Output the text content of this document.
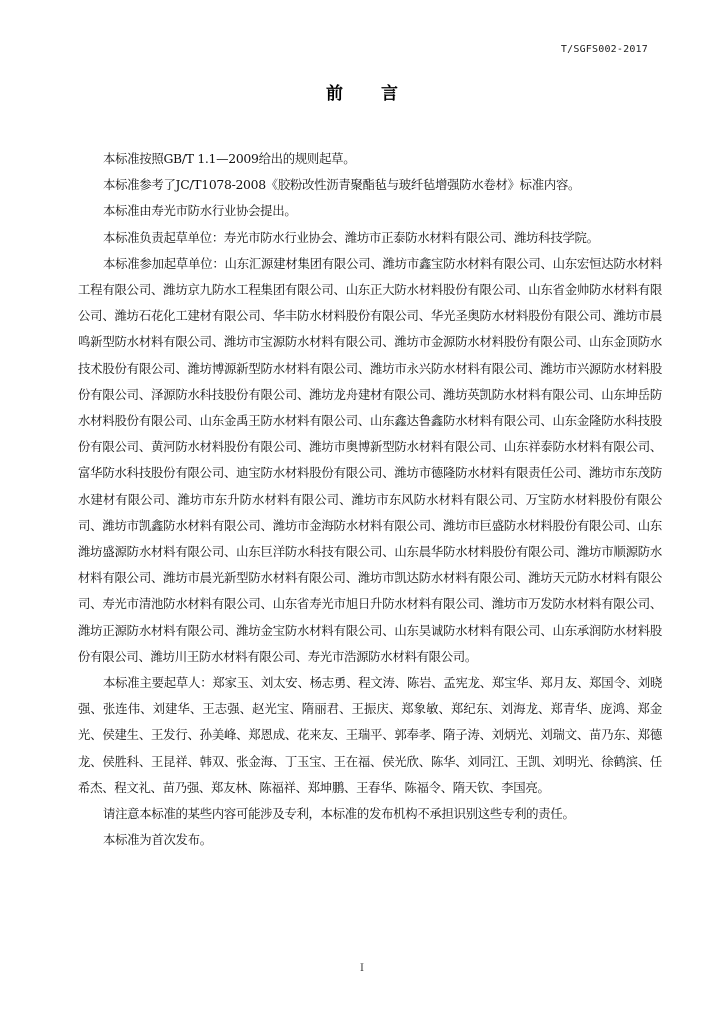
T/SGFS002-2017
前言

本标准按照GB/T 1.1—2009给出的规则起草。

本标准参考了JC/T1078-2008《胶粉改性沥青聚酯毡与玻纤毡增强防水卷材》标准内容。

本标准由寿光市防水行业协会提出。

本标准负责起草单位：寿光市防水行业协会、潍坊市正泰防水材料有限公司、潍坊科技学院。

本标准参加起草单位：山东汇源建材集团有限公司、潍坊市鑫宝防水材料有限公司、山东宏恒达防水材料工程有限公司、潍坊京九防水工程集团有限公司、山东正大防水材料股份有限公司、山东省金帅防水材料有限公司、潍坊石花化工建材有限公司、华丰防水材料股份有限公司、华光圣奥防水材料股份有限公司、潍坊市晨鸣新型防水材料有限公司、潍坊市宝源防水材料有限公司、潍坊市金源防水材料股份有限公司、山东金顶防水技术股份有限公司、潍坊博源新型防水材料有限公司、潍坊市永兴防水材料有限公司、潍坊市兴源防水材料股份有限公司、泽源防水科技股份有限公司、潍坊龙舟建材有限公司、潍坊英凯防水材料有限公司、山东坤岳防水材料股份有限公司、山东金禹王防水材料有限公司、山东鑫达鲁鑫防水材料有限公司、山东金隆防水科技股份有限公司、黄河防水材料股份有限公司、潍坊市奥博新型防水材料有限公司、山东祥泰防水材料有限公司、富华防水科技股份有限公司、迪宝防水材料股份有限公司、潍坊市德隆防水材料有限责任公司、潍坊市东茂防水建材有限公司、潍坊市东升防水材料有限公司、潍坊市东风防水材料有限公司、万宝防水材料股份有限公司、潍坊市凯鑫防水材料有限公司、潍坊市金海防水材料有限公司、潍坊市巨盛防水材料股份有限公司、山东潍坊盛源防水材料有限公司、山东巨洋防水科技有限公司、山东晨华防水材料股份有限公司、潍坊市顺源防水材料有限公司、潍坊市晨光新型防水材料有限公司、潍坊市凯达防水材料有限公司、潍坊天元防水材料有限公司、寿光市清池防水材料有限公司、山东省寿光市旭日升防水材料有限公司、潍坊市万发防水材料有限公司、潍坊正源防水材料有限公司、潍坊金宝防水材料有限公司、山东昊诚防水材料有限公司、山东承润防水材料股份有限公司、潍坊川王防水材料有限公司、寿光市浩源防水材料有限公司。

本标准主要起草人：郑家玉、刘太安、杨志勇、程文涛、陈岩、孟宪龙、郑宝华、郑月友、郑国令、刘晓强、张连伟、刘建华、王志强、赵光宝、隋丽君、王振庆、郑象敏、郑纪东、刘海龙、郑青华、庞鸿、郑金光、侯建生、王发行、孙美峰、郑恩成、花来友、王瑞平、郭奉孝、隋子涛、刘炳光、刘瑞文、苗乃东、郑德龙、侯胜科、王昆祥、韩双、张金海、丁玉宝、王在福、侯光欣、陈华、刘同江、王凯、刘明光、徐鹤滨、任希杰、程文礼、苗乃强、郑友林、陈福祥、郑坤鹏、王春华、陈福令、隋天钦、李国亮。

请注意本标准的某些内容可能涉及专利，本标准的发布机构不承担识别这些专利的责任。

本标准为首次发布。

I
